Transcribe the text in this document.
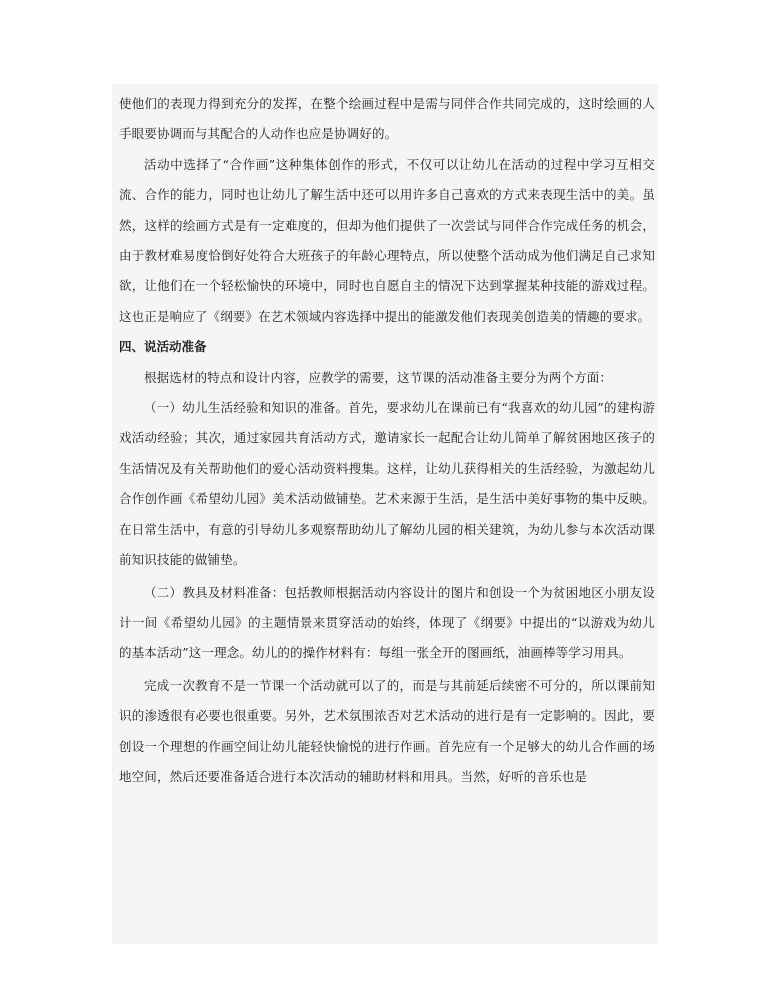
使他们的表现力得到充分的发挥，在整个绘画过程中是需与同伴合作共同完成的，这时绘画的人手眼要协调而与其配合的人动作也应是协调好的。

活动中选择了“合作画”这种集体创作的形式，不仅可以让幼儿在活动的过程中学习互相交流、合作的能力，同时也让幼儿了解生活中还可以用许多自己喜欢的方式来表现生活中的美。虽然，这样的绘画方式是有一定难度的，但却为他们提供了一次尝试与同伴合作完成任务的机会，由于教材难易度恰倒好处符合大班孩子的年龄心理特点，所以使整个活动成为他们满足自己求知欲，让他们在一个轻松愉快的环境中，同时也自愿自主的情况下达到掌握某种技能的游戏过程。这也正是响应了《纲要》在艺术领域内容选择中提出的能激发他们表现美创造美的情趣的要求。

四、说活动准备

根据选材的特点和设计内容，应教学的需要，这节课的活动准备主要分为两个方面：

（一）幼儿生活经验和知识的准备。首先，要求幼儿在课前已有“我喜欢的幼儿园”的建构游戏活动经验；其次，通过家园共育活动方式，邀请家长一起配合让幼儿简单了解贫困地区孩子的生活情况及有关帮助他们的爱心活动资料搜集。这样，让幼儿获得相关的生活经验，为激起幼儿合作创作画《希望幼儿园》美术活动做铺垫。艺术来源于生活，是生活中美好事物的集中反映。在日常生活中，有意的引导幼儿多观察帮助幼儿了解幼儿园的相关建筑，为幼儿参与本次活动课前知识技能的做铺垫。

（二）教具及材料准备：包括教师根据活动内容设计的图片和创设一个为贫困地区小朋友设计一间《希望幼儿园》的主题情景来贯穿活动的始终，体现了《纲要》中提出的“以游戏为幼儿的基本活动”这一理念。幼儿的的操作材料有：每组一张全开的图画纸，油画棒等学习用具。

完成一次教育不是一节课一个活动就可以了的，而是与其前延后续密不可分的，所以课前知识的渗透很有必要也很重要。另外，艺术氛围浓否对艺术活动的进行是有一定影响的。因此，要创设一个理想的作画空间让幼儿能轻快愉悦的进行作画。首先应有一个足够大的幼儿合作画的场地空间，然后还要准备适合进行本次活动的辅助材料和用具。当然，好听的音乐也是
